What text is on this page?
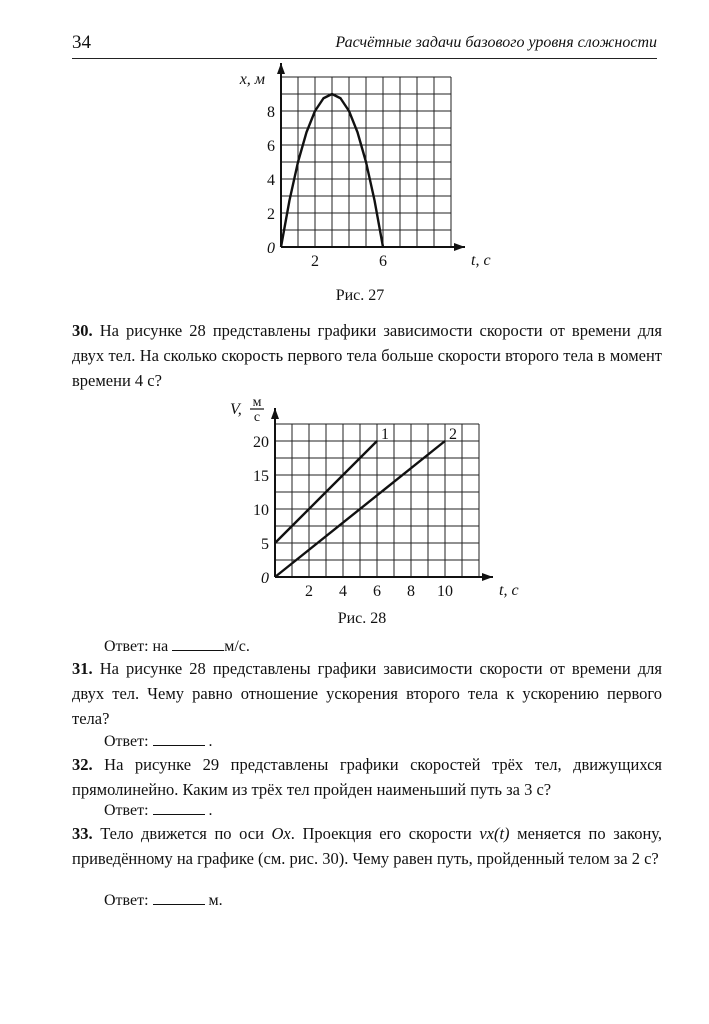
34	Расчётные задачи базового уровня сложности
2	6
2
4
6
8
0
t, с
x, м
Рис. 27
30. На рисунке 28 представлены графики зависимости скорости от времени для двух тел. На сколько скорость первого тела больше скорости второго тела в момент времени 4 с?
2 4 6 8 10
5
10
15
20
0
t, с
1	2
V, м
с
Рис. 28
Ответ: на	м/с.
31. На рисунке 28 представлены графики зависимости скорости от времени для двух тел. Чему равно отношение ускорения второго тела к ускорению первого тела?
Ответ:	.
32. На рисунке 29 представлены графики скоростей трёх тел, движущихся прямолинейно. Каким из трёх тел пройден наименьший путь за 3 с?
Ответ:	.
33. Тело движется по оси Ox. Проекция его скорости vx(t) меняется по закону, приведённому на графике (см. рис. 30). Чему равен путь, пройденный телом за 2 с?
Ответ:	м.
